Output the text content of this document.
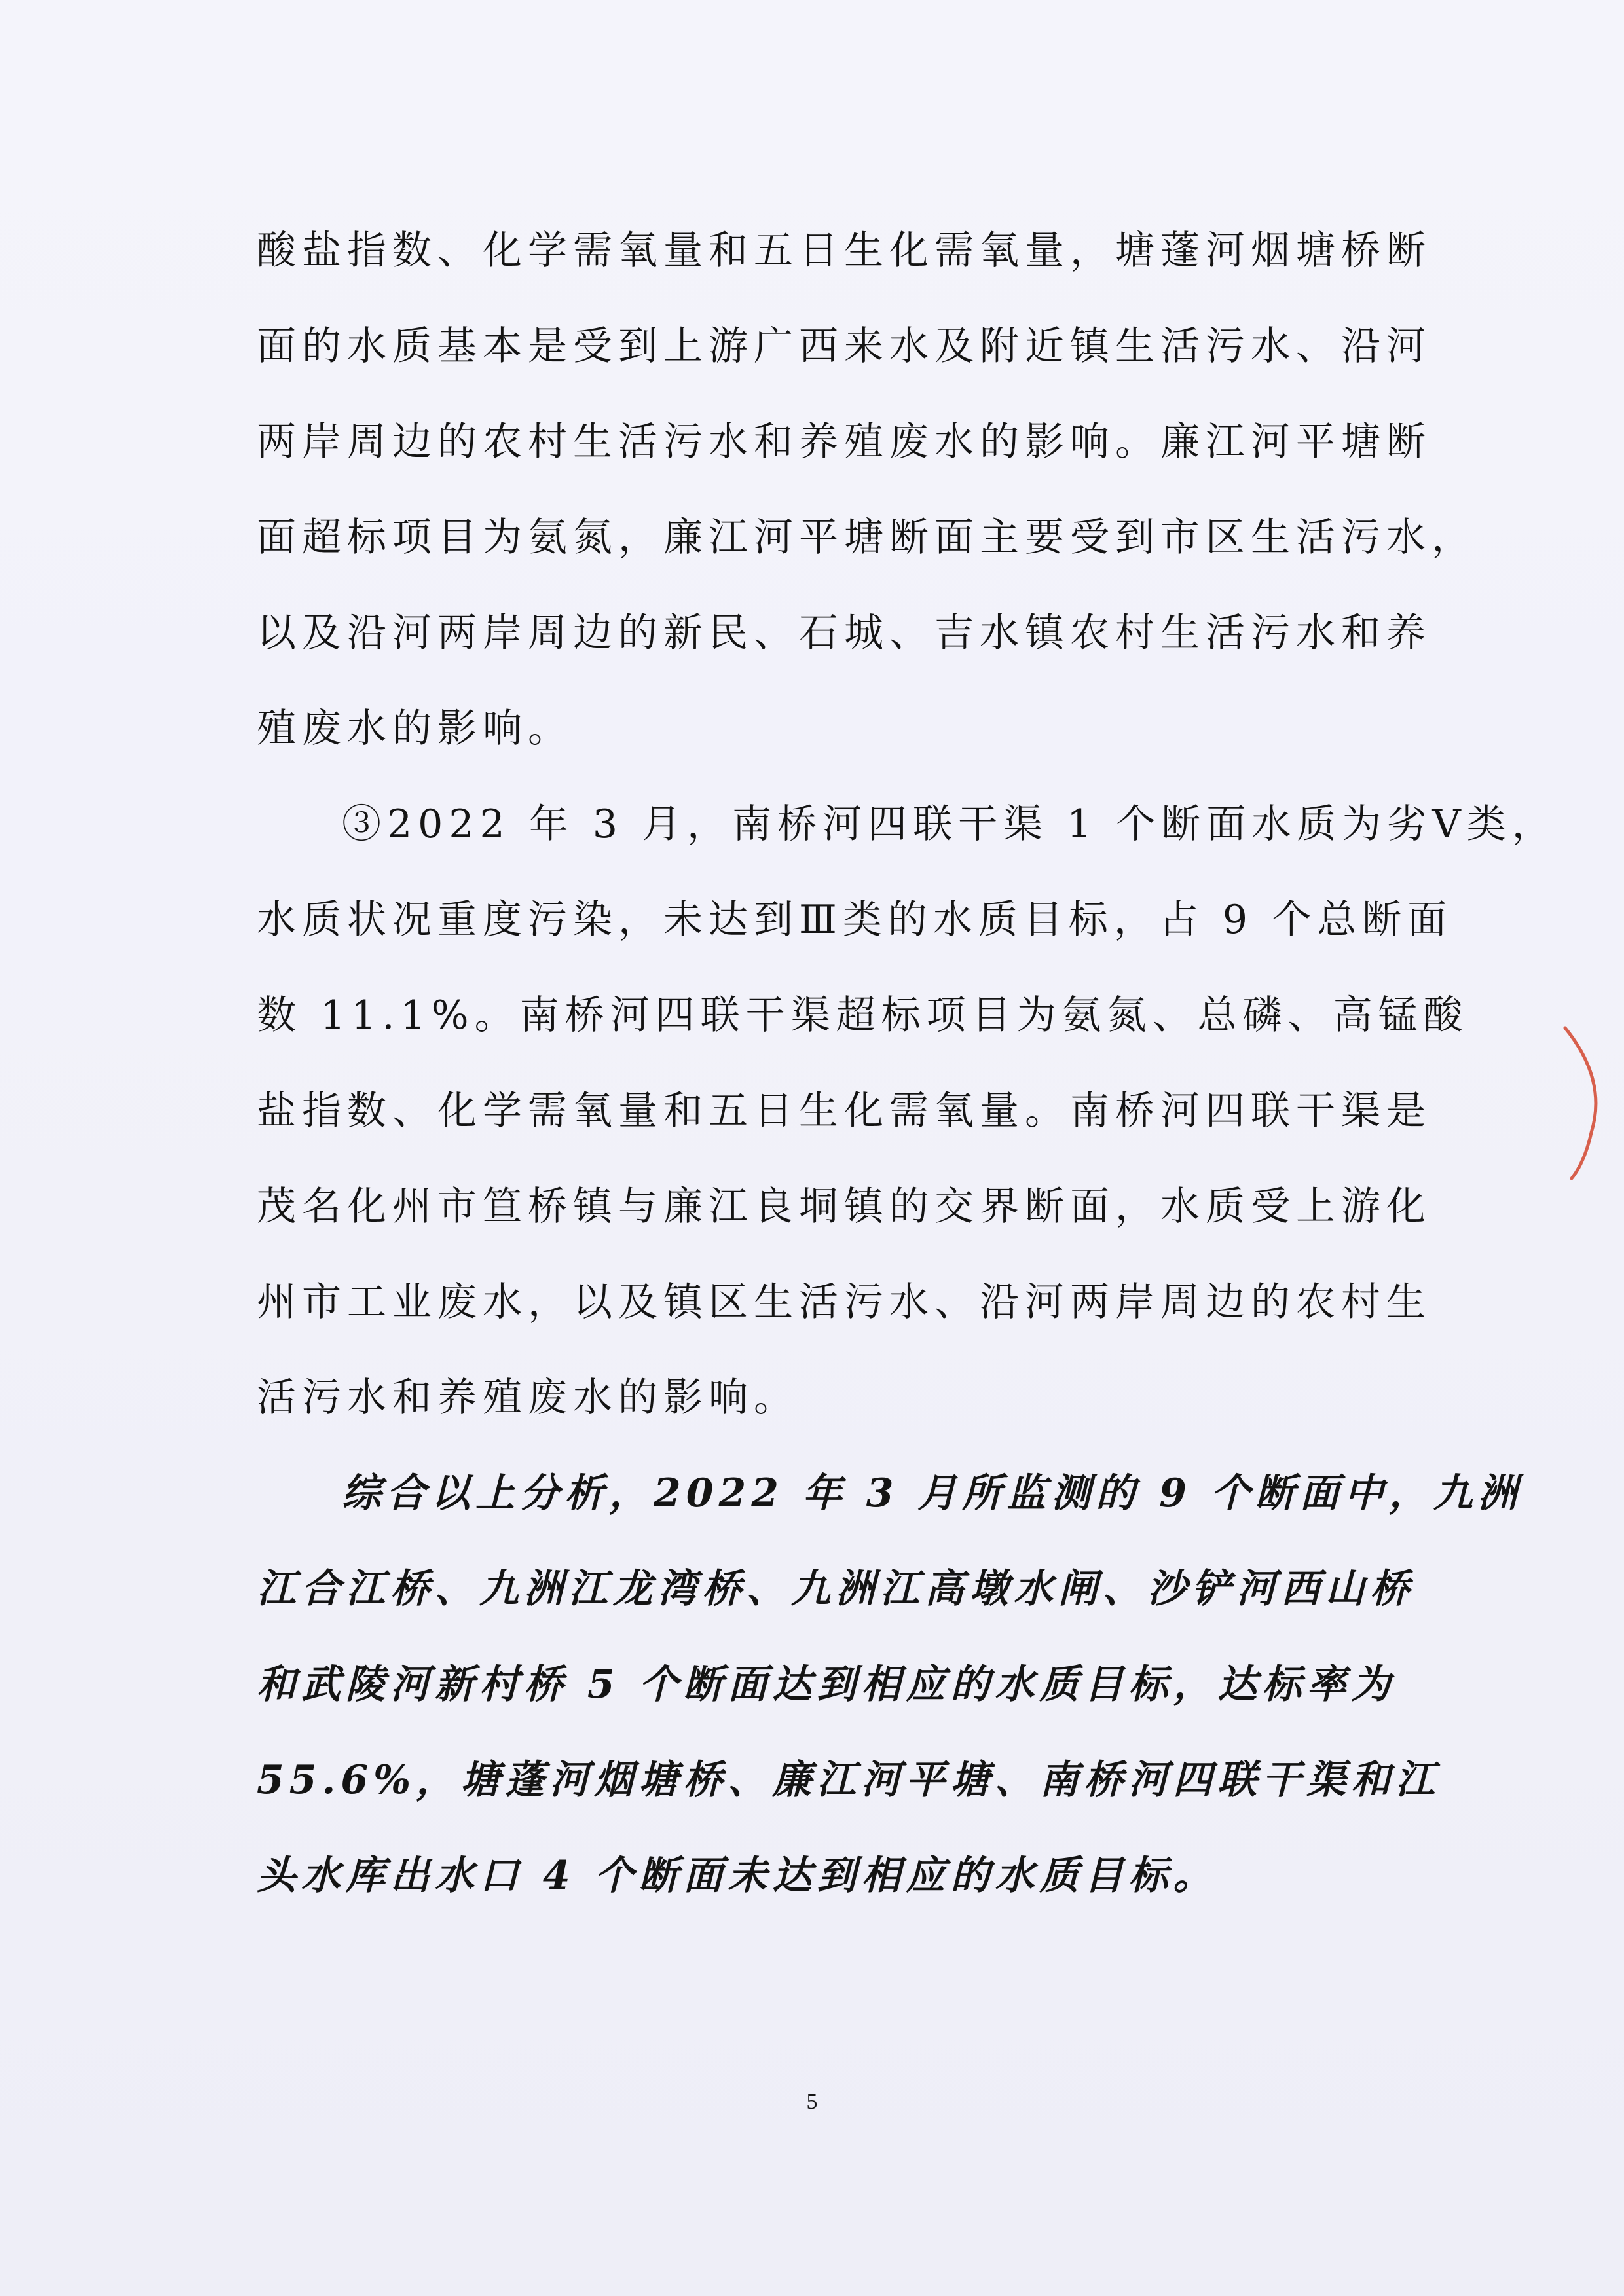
酸盐指数、化学需氧量和五日生化需氧量，塘蓬河烟塘桥断
面的水质基本是受到上游广西来水及附近镇生活污水、沿河
两岸周边的农村生活污水和养殖废水的影响。廉江河平塘断
面超标项目为氨氮，廉江河平塘断面主要受到市区生活污水，
以及沿河两岸周边的新民、石城、吉水镇农村生活污水和养
殖废水的影响。
③2022 年 3 月，南桥河四联干渠 1 个断面水质为劣Ⅴ类，
水质状况重度污染，未达到Ⅲ类的水质目标，占 9 个总断面
数 11.1%。南桥河四联干渠超标项目为氨氮、总磷、高锰酸
盐指数、化学需氧量和五日生化需氧量。南桥河四联干渠是
茂名化州市笪桥镇与廉江良垌镇的交界断面，水质受上游化
州市工业废水，以及镇区生活污水、沿河两岸周边的农村生
活污水和养殖废水的影响。
综合以上分析，2022 年 3 月所监测的 9 个断面中，九洲
江合江桥、九洲江龙湾桥、九洲江高墩水闸、沙铲河西山桥
和武陵河新村桥 5 个断面达到相应的水质目标，达标率为
55.6%，塘蓬河烟塘桥、廉江河平塘、南桥河四联干渠和江
头水库出水口 4 个断面未达到相应的水质目标。
5
